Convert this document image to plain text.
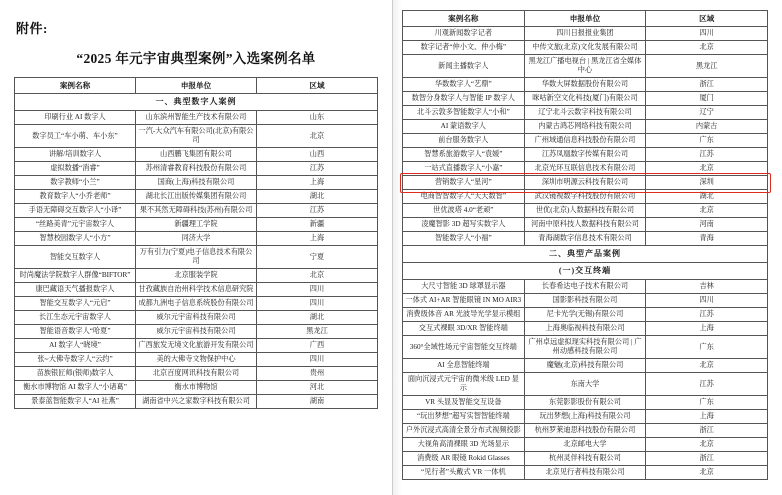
附件:
“2025 年元宇宙典型案例”入选案例名单
案例名称	申报单位	区域
一、典型数字人案例		
印刷行业 AI 数字人	山东滨州智能生产技术有限公司	山东
数字员工“车小萌、车小东”	一汽-大众汽车有限公司(北京)有限公司	北京
讲解/培训数字人	山西鹏飞集团有限公司	山西
虚拟数播“消睿”	苏州清睿教育科技股份有限公司	江苏
数字教师“小兰”	国商(上海)科技有限公司	上海
教育数字人“小乔老师”	湖北长江出版传媒集团有限公司	湖北
手语无障碍交互数字人“小译”	果不其然无障碍科技(苏州)有限公司	江苏
“丝路美青”元宇宙数字人	新疆理工学院	新疆
智慧校园数字人“小方”	同济大学	上海
智能交互数字人	万有引力(宁夏)电子信息技术有限公司	宁夏
时尚魔法学院数字人群像“BIFTOR”	北京服装学院	北京
康巴藏语天气播报数字人	甘孜藏族自治州科学技术信息研究院	四川
智能交互数字人“元启”	成都九洲电子信息系统股份有限公司	四川
长江生态元宇宙数字人	威尔元宇宙科技有限公司	湖北
智能语音数字人“哈夏”	威尔元宇宙科技有限公司	黑龙江
AI 数字人“晓境”	广西旅发无境文化旅游开发有限公司	广西
张؅大佛寺数字人“云约”	美的大佛寺文物保护中心	四川
苗族银匠师(银师)数字人	北京百度网讯科技有限公司	贵州
衡水市博物馆 AI 数字人“小诸葛”	衡水市博物馆	河北
景泰蓝智能数字人“AI 社燕”	湖南省中兴之家数字科技有限公司	湖南
案例名称	申报单位	区域
川观新闻数字记者	四川日报报业集团	四川
数字记者“仲小文、仲小梅”	中传文旅(北京)文化发展有限公司	北京
新闻主播数字人	黑龙江广播电视台 | 黑龙江省全媒体中心	黑龙江
华数数字人“艺鼎”	华数大屏数据股份有限公司	浙江
数智分身数字人与智能 IP 数字人	咪咕新空文化科技(厦门)有限公司	厦门
北斗云敦多智能数字人“小和”	辽宁北斗云数字科技有限公司	辽宁
AI 蒙语数字人	内蒙古鸿芯网络科技有限公司	内蒙古
前台服务数字人	广州域通信息科技股份有限公司	广东
智慧系旅游数字人“袁媛”	江苏凤凰数字传媒有限公司	江苏
一站式直播数字人“小嘉”	北京光环互联信息技术有限公司	北京
营销数字人“星河”	深圳市明源云科技有限公司	深圳
电商智智数字人“天天数智”	武汉镜视数字科技股份有限公司	湖北
世优波塔 4.0“老顽”	世优(北京)人数据科技有限公司	北京
凌魔智影 3D 超写实数字人	河南中原科技人数据科技有限公司	河南
智能数字人“小福”	青海湖数字信息技术有限公司	青海
二、典型产品案例		
(一)交互终端		
大尺寸智能 3D 球罩显示器	长春希达电子技术有限公司	吉林
一体式 AI+AR 智能眼镜 IN MO AIR3	国影影科技有限公司	四川
消费级体音 AR 光波导光学显示模组	尼卡光学(无锡)有限公司	江苏
交互式裸眼 3D/XR 智能终端	上海奥临视科技有限公司	上海
360°全域性场元宇宙智能交互终端	广州卓远虚拟现实科技有限公司 | 广州动感科技有限公司	广东
AI 全息智能终端	魔魅(北京)科技有限公司	北京
面向沉浸式元宇宙的微米级 LED 显示	东南大学	江苏
VR 头显及智能交互设备	东莞影影股份有限公司	广东
“玩出梦想”超写实智智能终端	玩出梦想(上海)科技有限公司	上海
户外沉浸式高清全景分布式视频投影	杭州罗莱迪思科技股份有限公司	浙江
大视角高清裸眼 3D 光场显示	北京邮电大学	北京
消费级 AR 眼镜 Rokid Glasses	杭州灵伴科技有限公司	浙江
“见行者”头戴式 VR 一体机	北京见行者科技有限公司	北京
